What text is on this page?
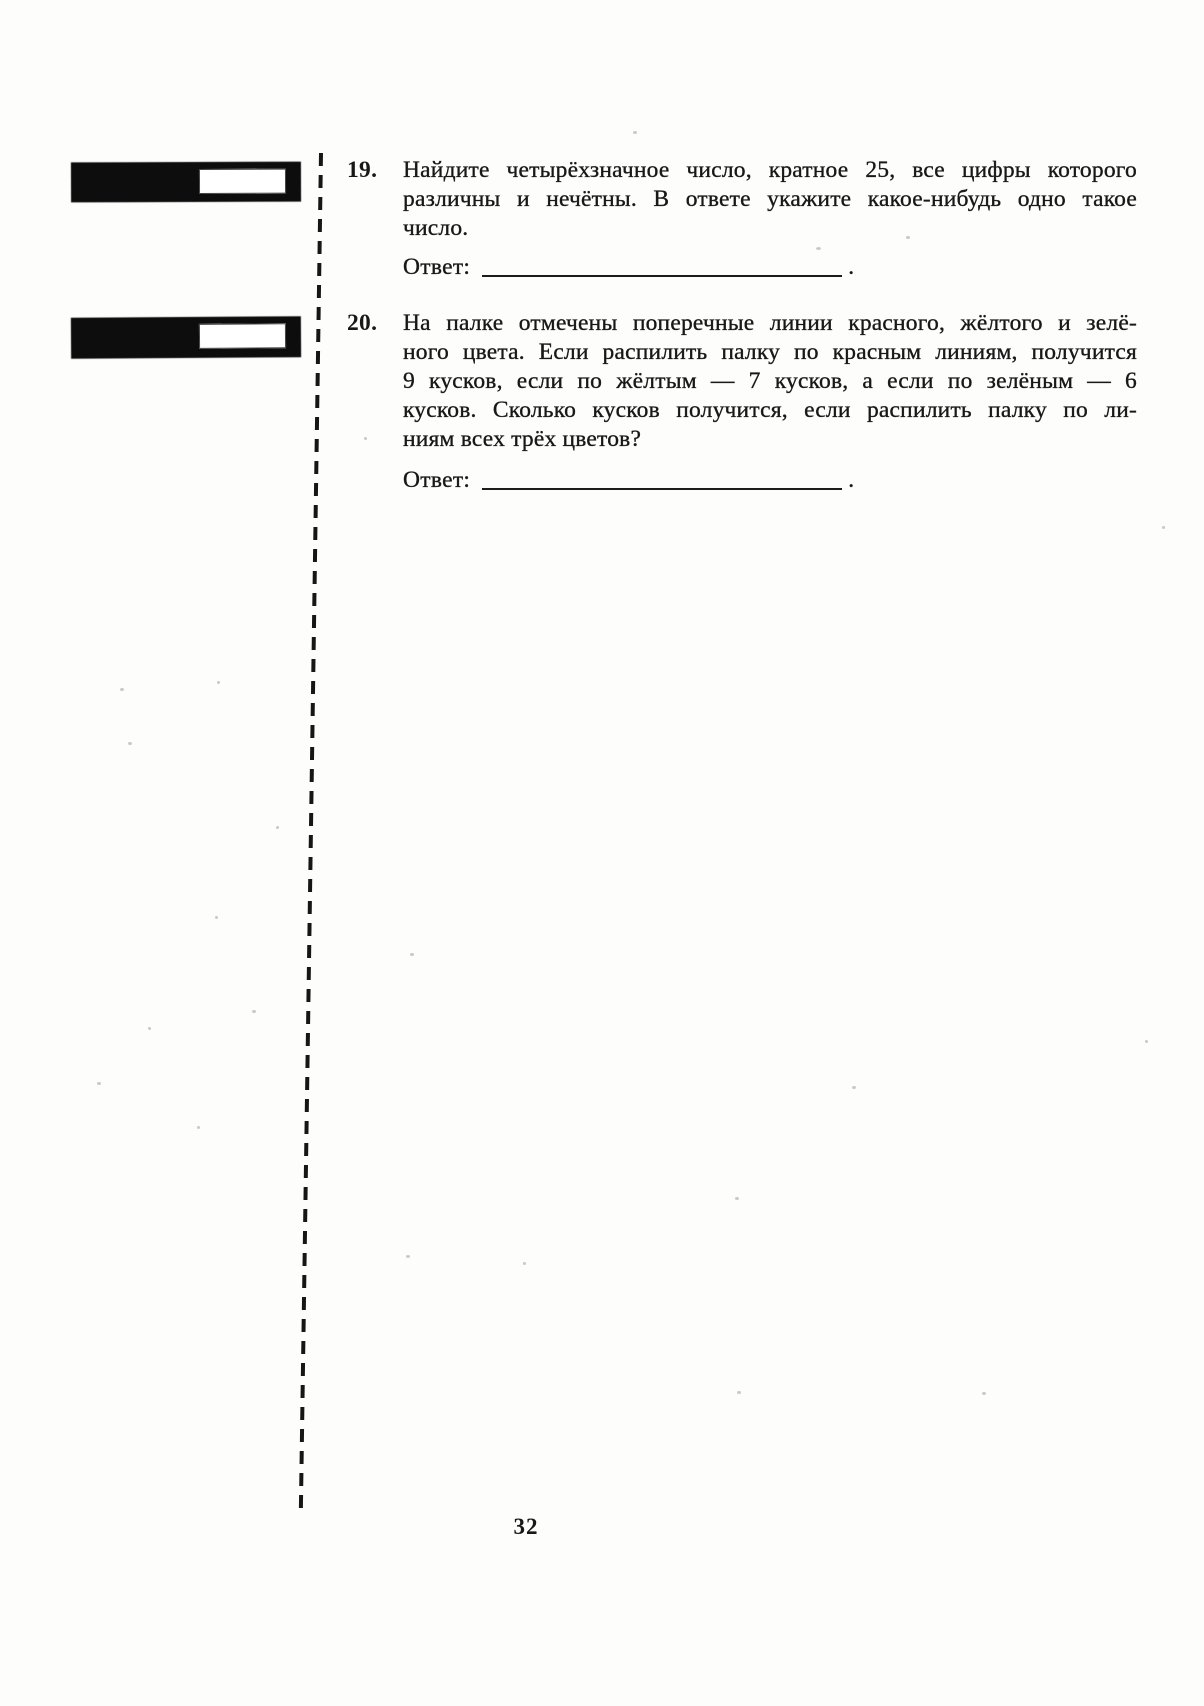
19.	Найдите четырёхзначное число, кратное 25, все цифры которого
различны и нечётны. В ответе укажите какое-нибудь одно такое
число.
Ответ:	.
20.	На палке отмечены поперечные линии красного, жёлтого и зелё-
ного цвета. Если распилить палку по красным линиям, получится
9 кусков, если по жёлтым — 7 кусков, а если по зелёным — 6
кусков. Сколько кусков получится, если распилить палку по ли-
ниям всех трёх цветов?
Ответ:	.
32
